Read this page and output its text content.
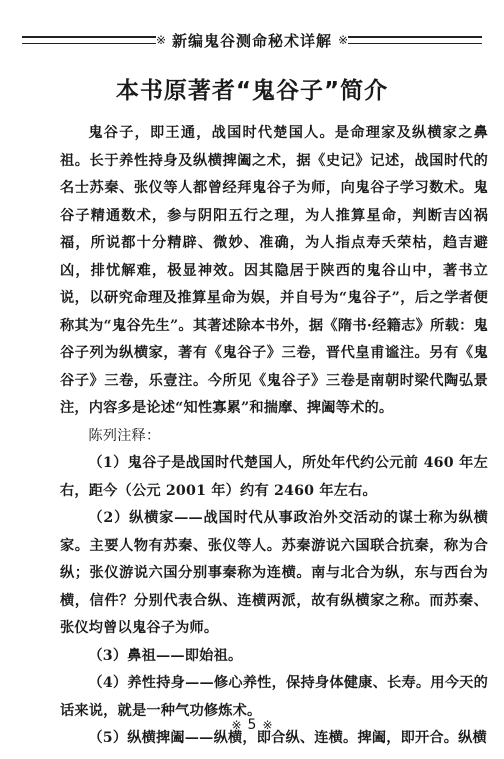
※ 新编鬼谷测命秘术详解 ※
本书原著者“鬼谷子”简介

鬼谷子，即王通，战国时代楚国人。是命理家及纵横家之鼻祖。长于养性持身及纵横捭阖之术，据《史记》记述，战国时代的名士苏秦、张仪等人都曾经拜鬼谷子为师，向鬼谷子学习数术。鬼谷子精通数术，参与阴阳五行之理，为人推算星命，判断吉凶祸福，所说都十分精辟、微妙、准确，为人指点寿夭荣枯，趋吉避凶，排忧解难，极显神效。因其隐居于陕西的鬼谷山中，著书立说，以研究命理及推算星命为娱，并自号为“鬼谷子”，后之学者便称其为“鬼谷先生”。其著述除本书外，据《隋书·经籍志》所载：鬼谷子列为纵横家，著有《鬼谷子》三卷，晋代皇甫谧注。另有《鬼谷子》三卷，乐壹注。今所见《鬼谷子》三卷是南朝时梁代陶弘景注，内容多是论述“知性寡累”和揣摩、捭阖等术的。

陈列注释：

（1）鬼谷子是战国时代楚国人，所处年代约公元前 460 年左右，距今（公元 2001 年）约有 2460 年左右。

（2）纵横家——战国时代从事政治外交活动的谋士称为纵横家。主要人物有苏秦、张仪等人。苏秦游说六国联合抗秦，称为合纵；张仪游说六国分别事秦称为连横。南与北合为纵，东与西台为横，信件？分别代表合纵、连横两派，故有纵横家之称。而苏秦、张仪均曾以鬼谷子为师。

（3）鼻祖——即始祖。

（4）养性持身——修心养性，保持身体健康、长寿。用今天的话来说，就是一种气功修炼术。

（5）纵横捭阖——纵横，即合纵、连横。捭阖，即开合。纵横

※ 5 ※
